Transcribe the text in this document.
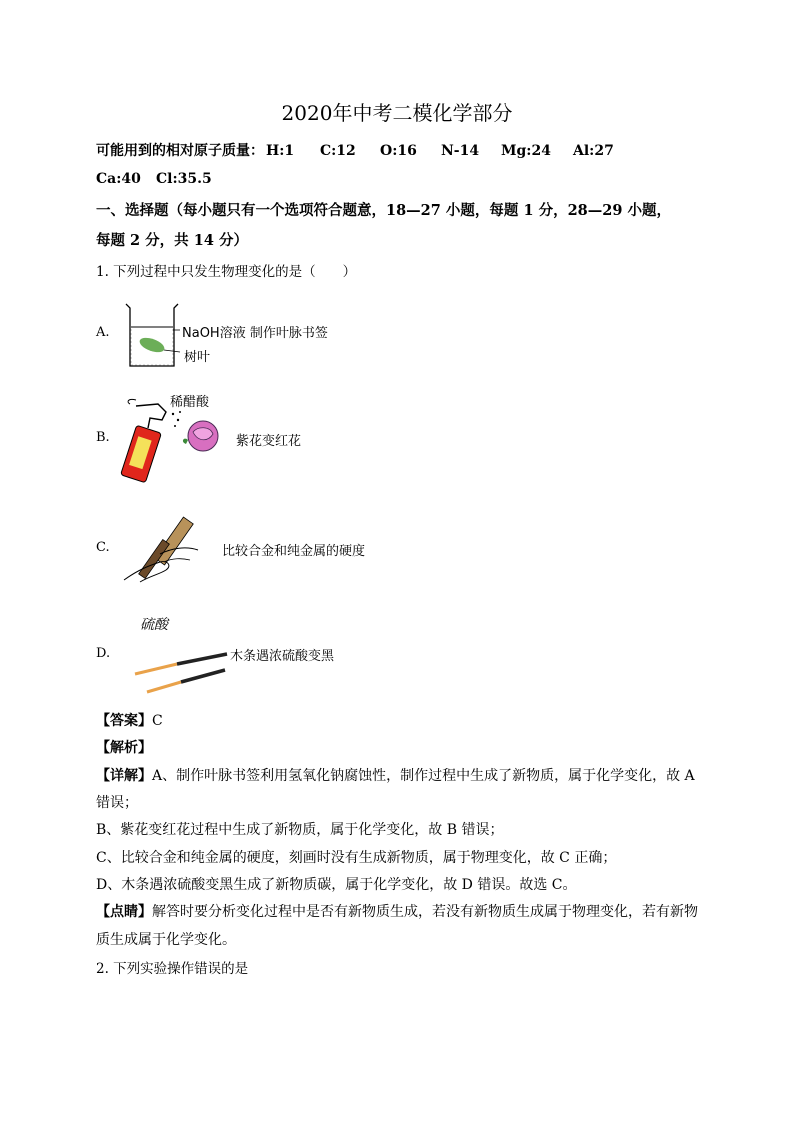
2020年中考二模化学部分
可能用到的相对原子质量： H:1 C:12 O:16 N-14 Mg:24 Al:27
Ca:40 Cl:35.5
一、选择题（每小题只有一个选项符合题意，18—27 小题，每题 1 分，28—29 小题，
每题 2 分，共 14 分）
1. 下列过程中只发生物理变化的是（　　）
A.	NaOH溶液 制作叶脉书签
树叶
B.
稀醋酸
紫花变红花
C.	比较合金和纯金属的硬度
D.
硫酸
木条遇浓硫酸变黑
【答案】C
【解析】
【详解】A、制作叶脉书签利用氢氧化钠腐蚀性，制作过程中生成了新物质，属于化学变化，故 A
错误；
B、紫花变红花过程中生成了新物质，属于化学变化，故 B 错误；
C、比较合金和纯金属的硬度，刻画时没有生成新物质，属于物理变化，故 C 正确；
D、木条遇浓硫酸变黑生成了新物质碳，属于化学变化，故 D 错误。故选 C。
【点睛】解答时要分析变化过程中是否有新物质生成，若没有新物质生成属于物理变化，若有新物
质生成属于化学变化。
2. 下列实验操作错误的是
